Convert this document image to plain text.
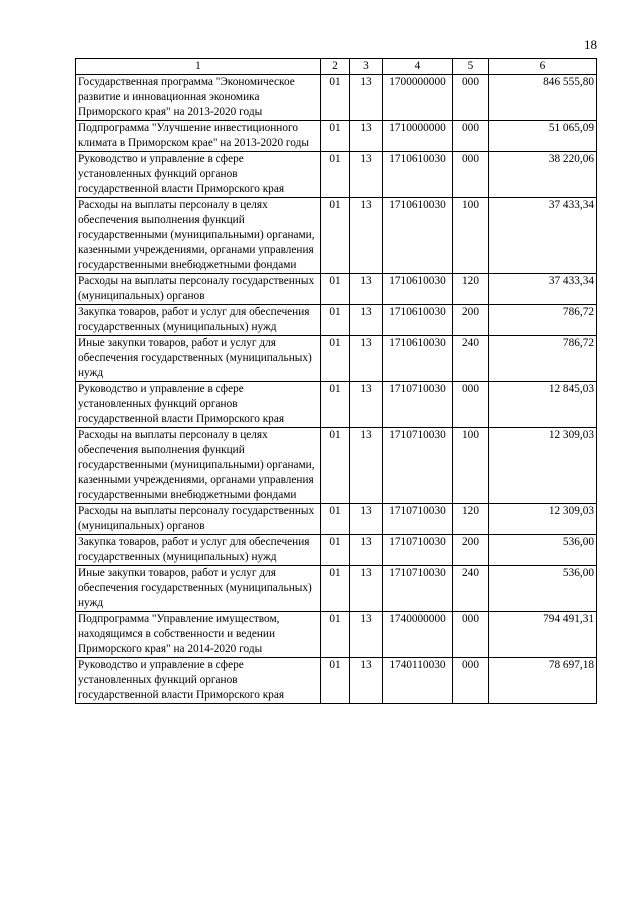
18
1	2	3	4	5	6
Государственная программа "Экономическое развитие и инновационная экономика Приморского края" на 2013-2020 годы	01	13	1700000000	000	846 555,80
Подпрограмма "Улучшение инвестиционного климата в Приморском крае" на 2013-2020 годы	01	13	1710000000	000	51 065,09
Руководство и управление в сфере установленных функций органов государственной власти Приморского края	01	13	1710610030	000	38 220,06
Расходы на выплаты персоналу в целях обеспечения выполнения функций государственными (муниципальными) органами, казенными учреждениями, органами управления государственными внебюджетными фондами	01	13	1710610030	100	37 433,34
Расходы на выплаты персоналу государственных (муниципальных) органов	01	13	1710610030	120	37 433,34
Закупка товаров, работ и услуг для обеспечения государственных (муниципальных) нужд	01	13	1710610030	200	786,72
Иные закупки товаров, работ и услуг для обеспечения государственных (муниципальных) нужд	01	13	1710610030	240	786,72
Руководство и управление в сфере установленных функций органов государственной власти Приморского края	01	13	1710710030	000	12 845,03
Расходы на выплаты персоналу в целях обеспечения выполнения функций государственными (муниципальными) органами, казенными учреждениями, органами управления государственными внебюджетными фондами	01	13	1710710030	100	12 309,03
Расходы на выплаты персоналу государственных (муниципальных) органов	01	13	1710710030	120	12 309,03
Закупка товаров, работ и услуг для обеспечения государственных (муниципальных) нужд	01	13	1710710030	200	536,00
Иные закупки товаров, работ и услуг для обеспечения государственных (муниципальных) нужд	01	13	1710710030	240	536,00
Подпрограмма "Управление имуществом, находящимся в собственности и ведении Приморского края" на 2014-2020 годы	01	13	1740000000	000	794 491,31
Руководство и управление в сфере установленных функций органов государственной власти Приморского края	01	13	1740110030	000	78 697,18
